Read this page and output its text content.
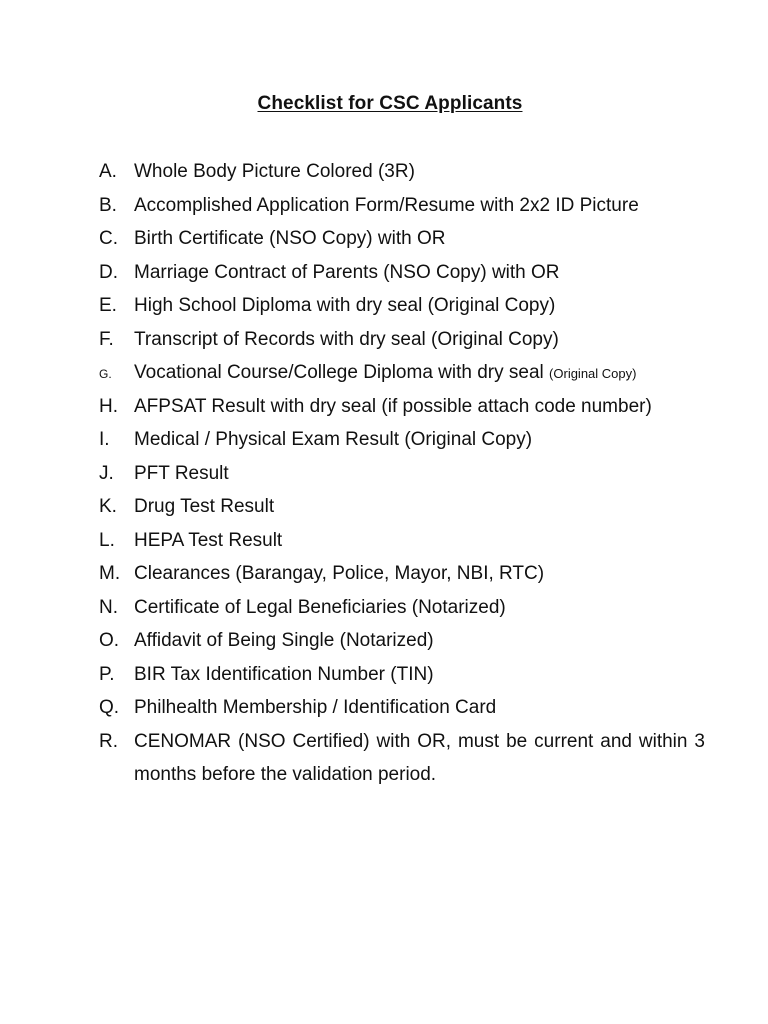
Checklist for CSC Applicants
A. Whole Body Picture Colored (3R)
B. Accomplished Application Form/Resume with 2x2 ID Picture
C. Birth Certificate (NSO Copy) with OR
D. Marriage Contract of Parents (NSO Copy) with OR
E. High School Diploma with dry seal (Original Copy)
F.	Transcript of Records with dry seal (Original Copy)
G.	Vocational Course/College Diploma with dry seal (Original Copy)
H. AFPSAT Result with dry seal (if possible attach code number)
I.	Medical / Physical Exam Result (Original Copy)
J.	PFT Result
K. Drug Test Result
L.	HEPA Test Result
M. Clearances (Barangay, Police, Mayor, NBI, RTC)
N. Certificate of Legal Beneficiaries (Notarized)
O. Affidavit of Being Single (Notarized)
P.	BIR Tax Identification Number (TIN)
Q. Philhealth Membership / Identification Card
R. CENOMAR (NSO Certified) with OR, must be current and within 3 months before the validation period.
